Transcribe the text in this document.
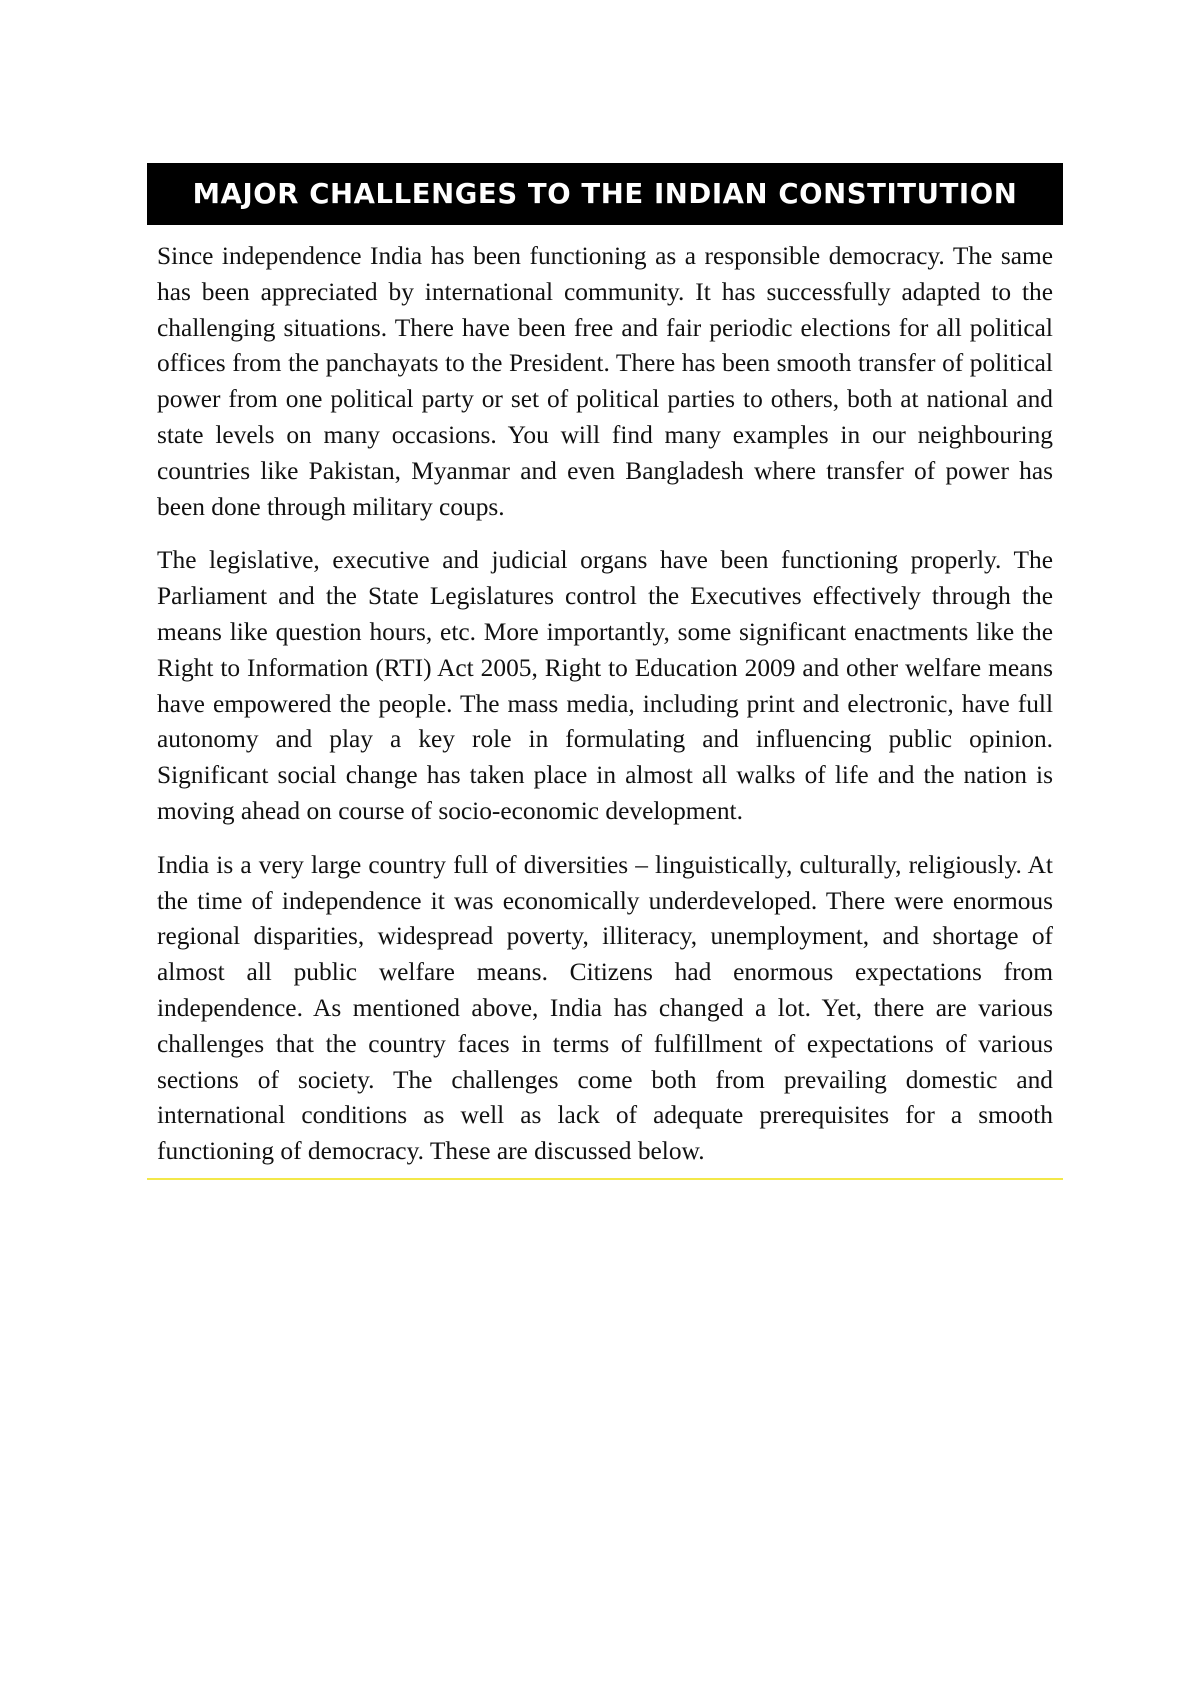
MAJOR CHALLENGES TO THE INDIAN CONSTITUTION

Since independence India has been functioning as a responsible democracy. The same has been appreciated by international community. It has successfully adapted to the challenging situations. There have been free and fair periodic elections for all political offices from the panchayats to the President. There has been smooth transfer of political power from one political party or set of political parties to others, both at national and state levels on many occasions. You will find many examples in our neighbouring countries like Pakistan, Myanmar and even Bangladesh where transfer of power has been done through military coups.

The legislative, executive and judicial organs have been functioning properly. The Parliament and the State Legislatures control the Executives effectively through the means like question hours, etc. More importantly, some significant enactments like the Right to Information (RTI) Act 2005, Right to Education 2009 and other welfare means have empowered the people. The mass media, including print and electronic, have full autonomy and play a key role in formulating and influencing public opinion. Significant social change has taken place in almost all walks of life and the nation is moving ahead on course of socio-economic development.

India is a very large country full of diversities – linguistically, culturally, religiously. At the time of independence it was economically underdeveloped. There were enormous regional disparities, widespread poverty, illiteracy, unemployment, and shortage of almost all public welfare means. Citizens had enormous expectations from independence. As mentioned above, India has changed a lot. Yet, there are various challenges that the country faces in terms of fulfillment of expectations of various sections of society. The challenges come both from prevailing domestic and international conditions as well as lack of adequate prerequisites for a smooth functioning of democracy. These are discussed below.
